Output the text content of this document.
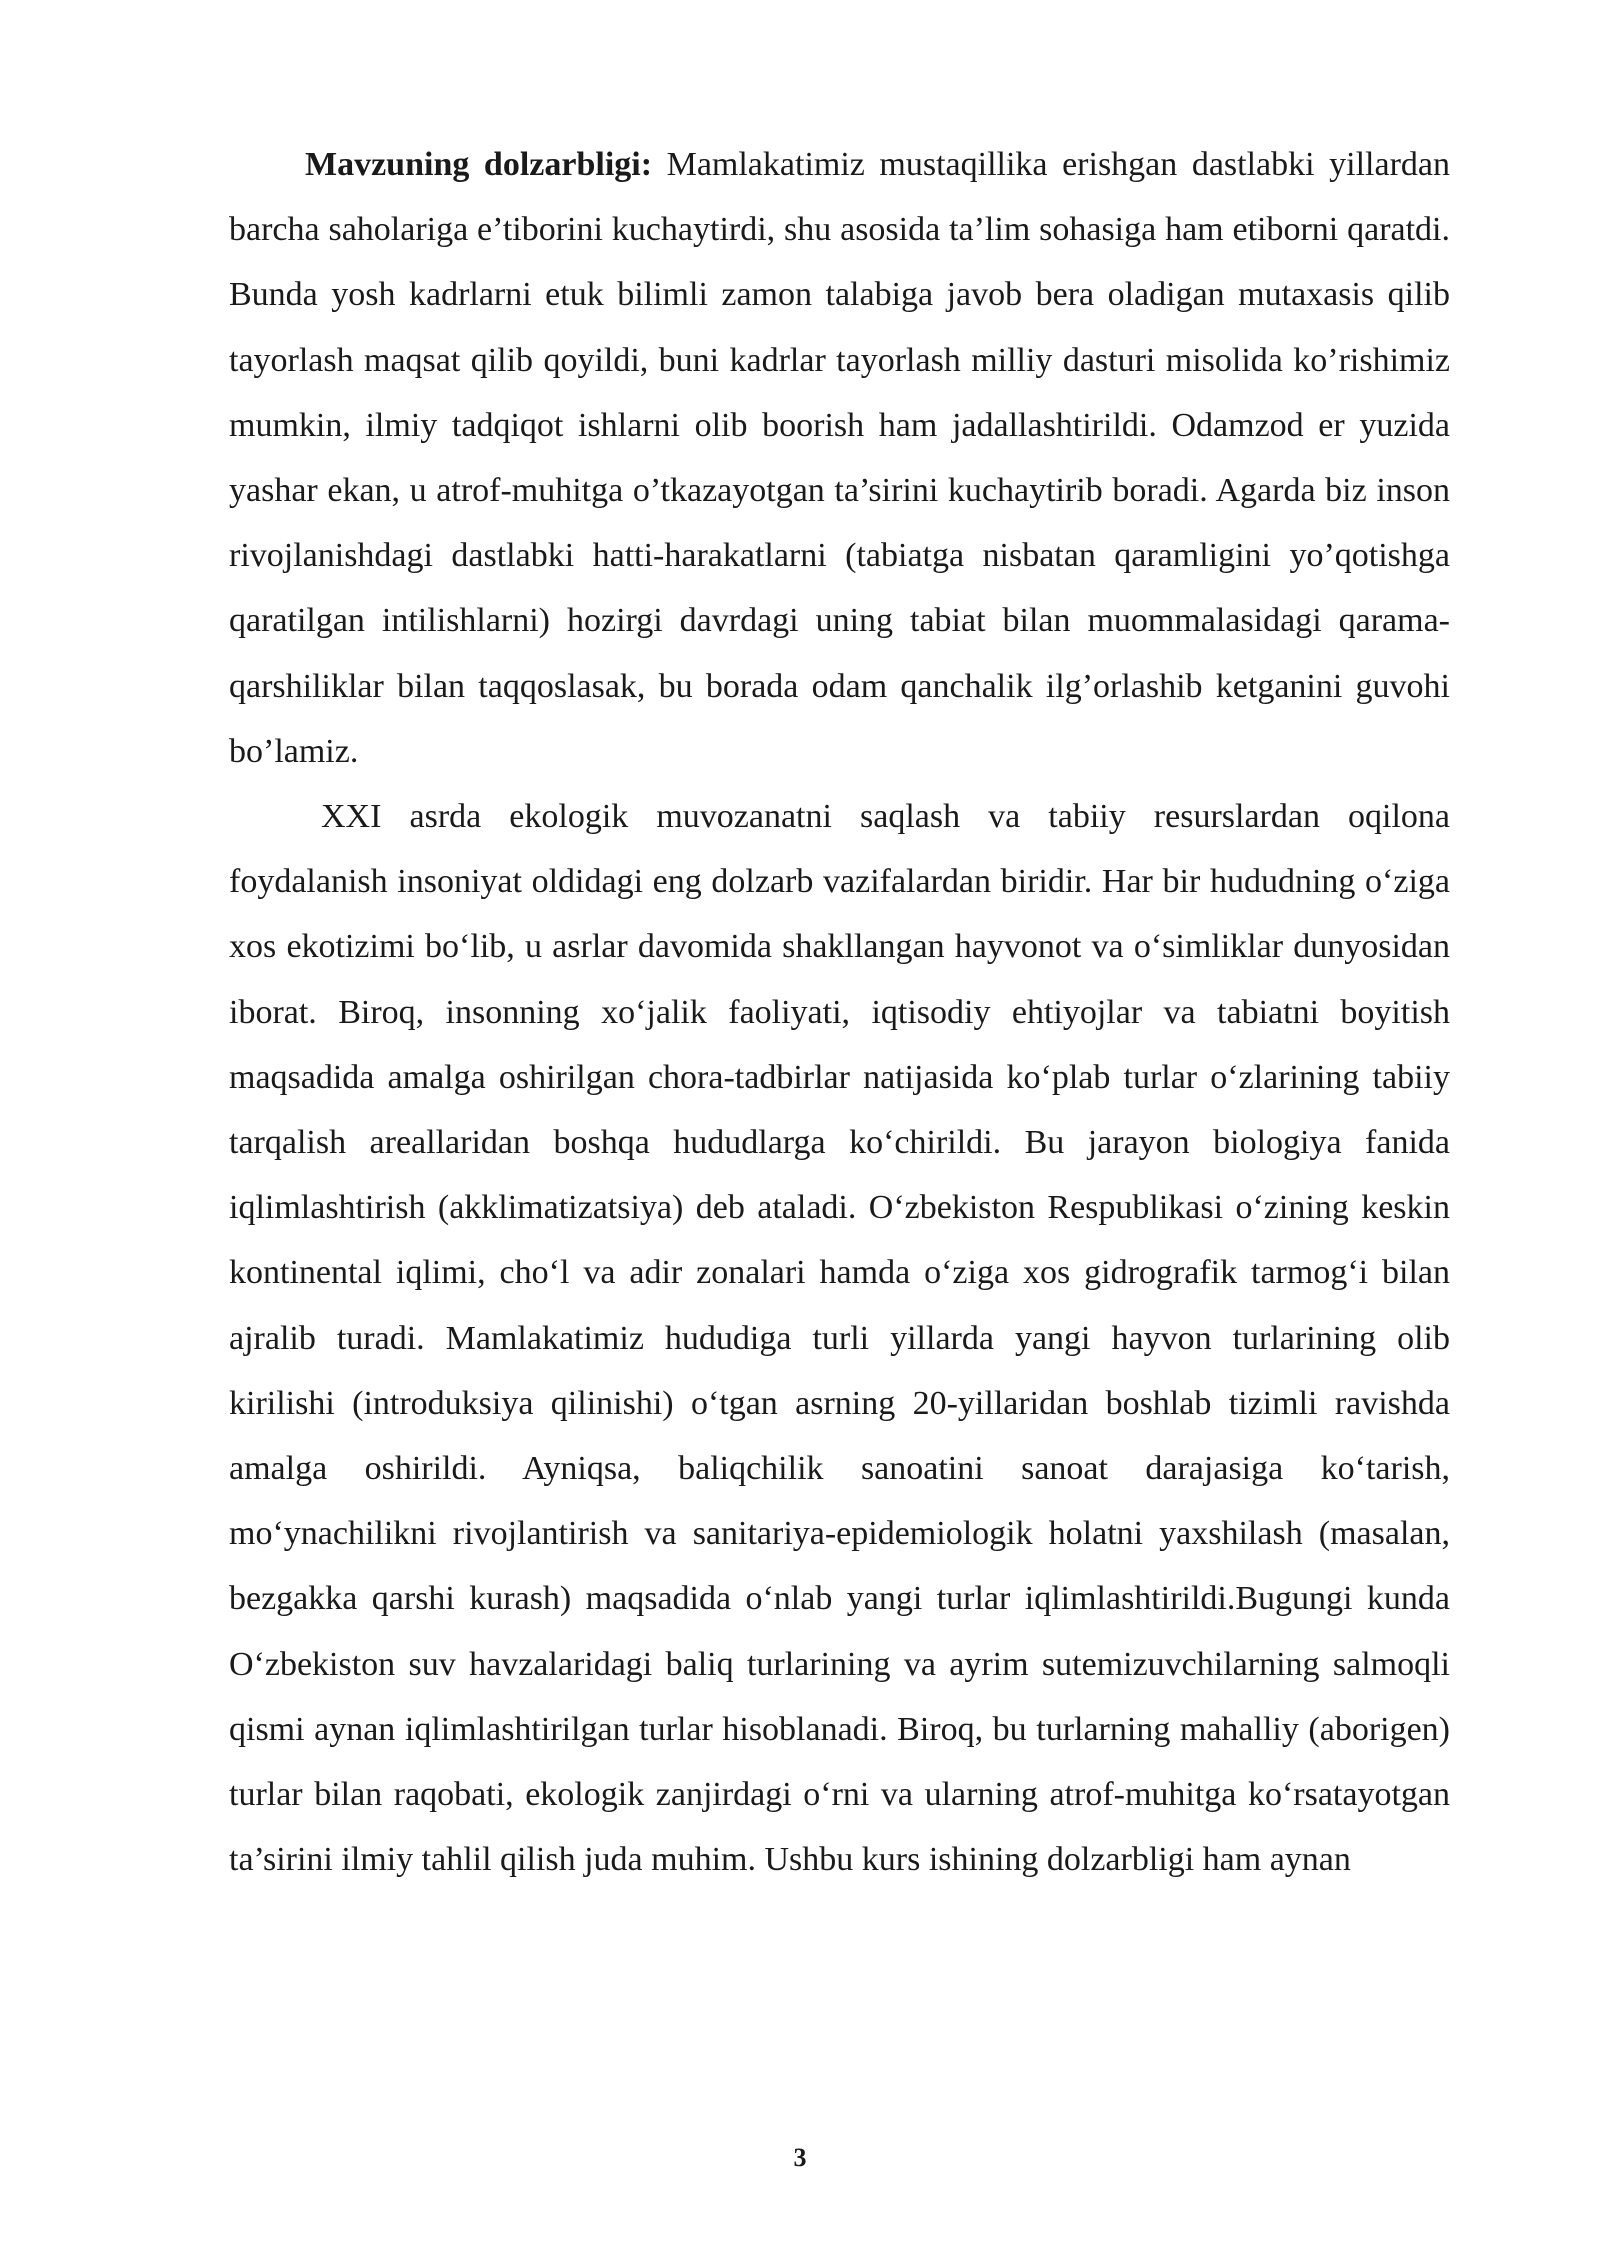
Mavzuning dolzarbligi: Mamlakatimiz mustaqillika erishgan dastlabki yillardan barcha saholariga e’tiborini kuchaytirdi, shu asosida ta’lim sohasiga ham etiborni qaratdi. Bunda yosh kadrlarni etuk bilimli zamon talabiga javob bera oladigan mutaxasis qilib tayorlash maqsat qilib qoyildi, buni kadrlar tayorlash milliy dasturi misolida ko’rishimiz mumkin, ilmiy tadqiqot ishlarni olib boorish ham jadallashtirildi. Odamzod er yuzida yashar ekan, u atrof-muhitga o’tkazayotgan ta’sirini kuchaytirib boradi. Agarda biz inson rivojlanishdagi dastlabki hatti-harakatlarni (tabiatga nisbatan qaramligini yo’qotishga qaratilgan intilishlarni) hozirgi davrdagi uning tabiat bilan muommalasidagi qarama-qarshiliklar bilan taqqoslasak, bu borada odam qanchalik ilg’orlashib ketganini guvohi bo’lamiz.

XXI asrda ekologik muvozanatni saqlash va tabiiy resurslardan oqilona foydalanish insoniyat oldidagi eng dolzarb vazifalardan biridir. Har bir hududning o‘ziga xos ekotizimi bo‘lib, u asrlar davomida shakllangan hayvonot va o‘simliklar dunyosidan iborat. Biroq, insonning xo‘jalik faoliyati, iqtisodiy ehtiyojlar va tabiatni boyitish maqsadida amalga oshirilgan chora-tadbirlar natijasida ko‘plab turlar o‘zlarining tabiiy tarqalish areallaridan boshqa hududlarga ko‘chirildi. Bu jarayon biologiya fanida iqlimlashtirish (akklimatizatsiya) deb ataladi. O‘zbekiston Respublikasi o‘zining keskin kontinental iqlimi, cho‘l va adir zonalari hamda o‘ziga xos gidrografik tarmog‘i bilan ajralib turadi. Mamlakatimiz hududiga turli yillarda yangi hayvon turlarining olib kirilishi (introduksiya qilinishi) o‘tgan asrning 20-yillaridan boshlab tizimli ravishda amalga oshirildi. Ayniqsa, baliqchilik sanoatini sanoat darajasiga ko‘tarish, mo‘ynachilikni rivojlantirish va sanitariya-epidemiologik holatni yaxshilash (masalan, bezgakka qarshi kurash) maqsadida o‘nlab yangi turlar iqlimlashtirildi.Bugungi kunda O‘zbekiston suv havzalaridagi baliq turlarining va ayrim sutemizuvchilarning salmoqli qismi aynan iqlimlashtirilgan turlar hisoblanadi. Biroq, bu turlarning mahalliy (aborigen) turlar bilan raqobati, ekologik zanjirdagi o‘rni va ularning atrof-muhitga ko‘rsatayotgan ta’sirini ilmiy tahlil qilish juda muhim. Ushbu kurs ishining dolzarbligi ham aynan

3
